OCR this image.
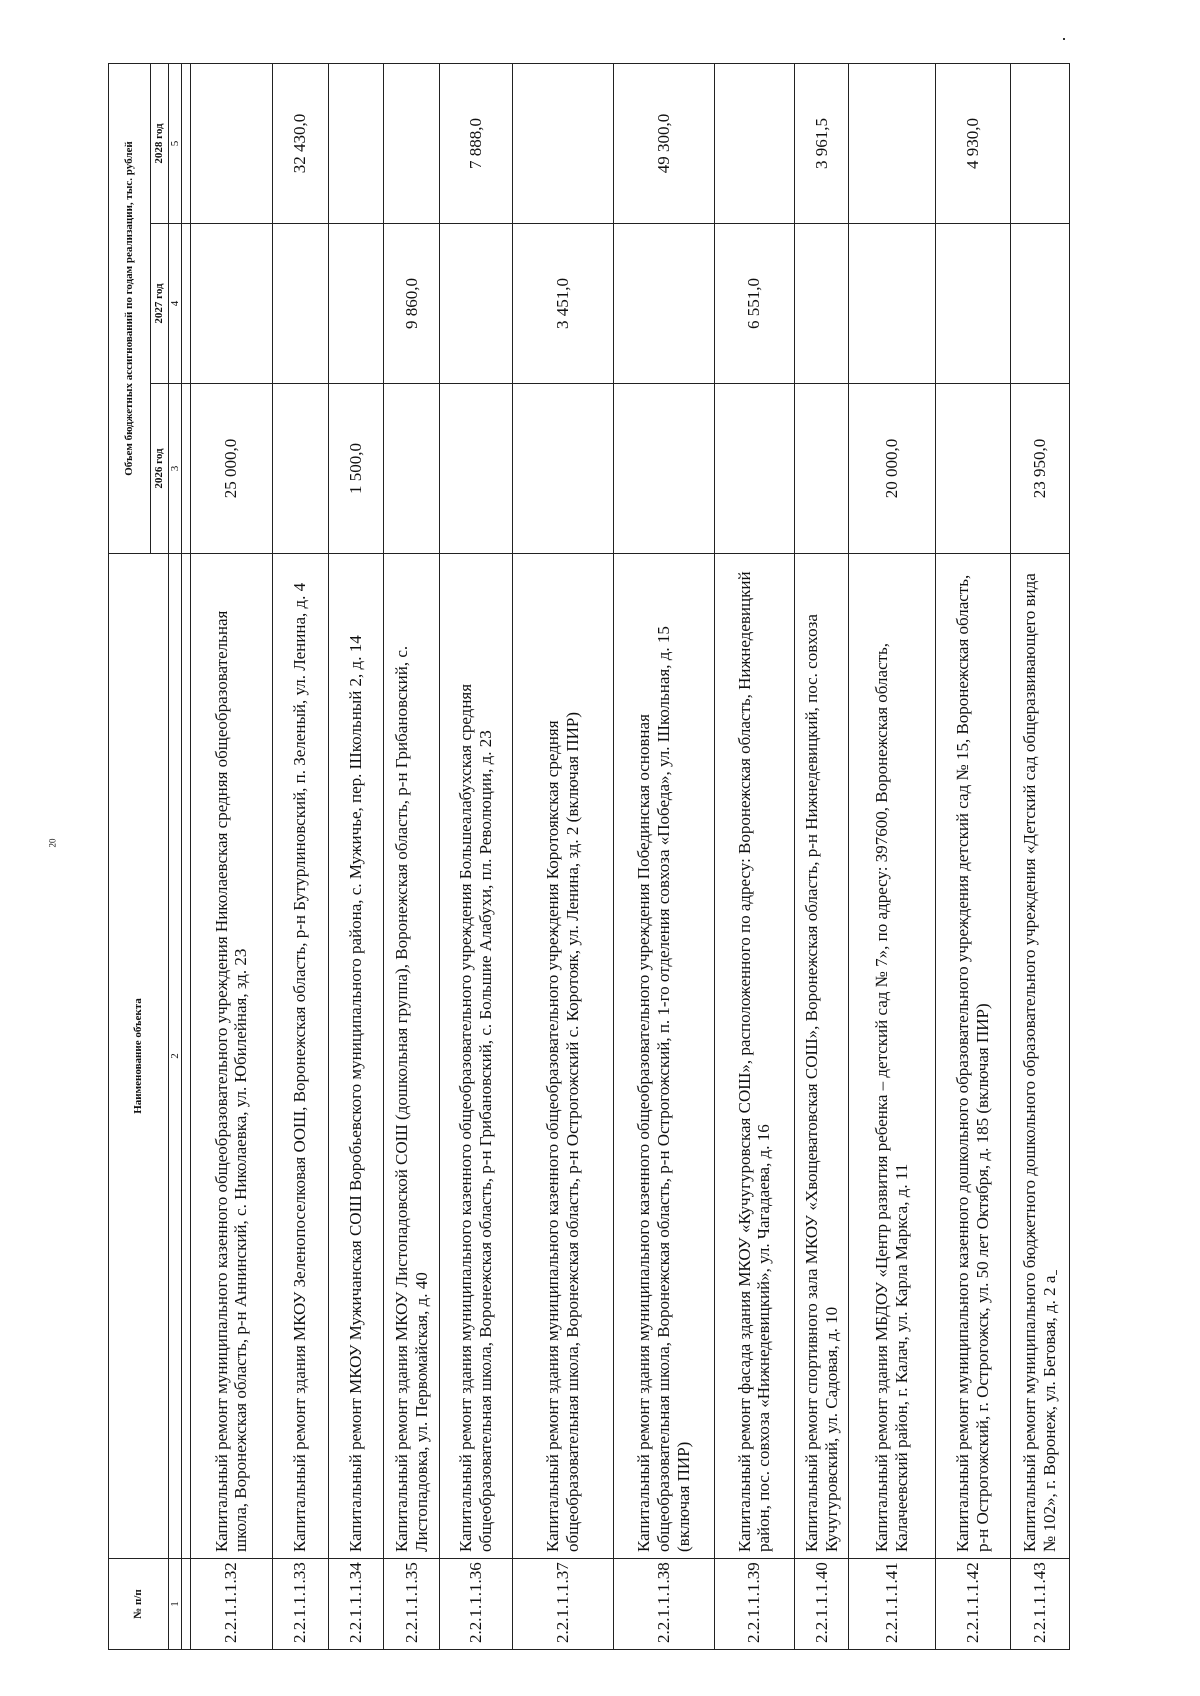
20
№ п/п	Наименование объекта	Объем бюджетных ассигнований по годам реализации, тыс. рублей		
		2026 год	2027 год	2028 год
1	2	3	4	5

2.2.1.1.1.32	Капитальный ремонт муниципального казенного общеобразовательного учреждения Николаевская средняя общеобразовательная школа, Воронежская область, р-н Аннинский, с. Николаевка, ул. Юбилейная, зд. 23	25 000,0		
2.2.1.1.1.33	Капитальный ремонт здания МКОУ Зеленопоселковая ООШ, Воронежская область, р-н Бутурлиновский, п. Зеленый, ул. Ленина, д. 4			32 430,0
2.2.1.1.1.34	Капитальный ремонт МКОУ Мужичанская СОШ Воробьевского муниципального района, с. Мужичье, пер. Школьный 2, д. 14	1 500,0		
2.2.1.1.1.35	Капитальный ремонт здания МКОУ Листопадовской СОШ (дошкольная группа), Воронежская область, р-н Грибановский, с. Листопадовка, ул. Первомайская, д. 40		9 860,0	
2.2.1.1.1.36	Капитальный ремонт здания муниципального казенного общеобразовательного учреждения Большеалабухская средняя общеобразовательная школа, Воронежская область, р-н Грибановский, с. Большие Алабухи, пл. Революции, д. 23			7 888,0
2.2.1.1.1.37	Капитальный ремонт здания муниципального казенного общеобразовательного учреждения Коротоякская средняя общеобразовательная школа, Воронежская область, р-н Острогожский с. Коротояк, ул. Ленина, зд. 2 (включая ПИР)		3 451,0	
2.2.1.1.1.38	Капитальный ремонт здания муниципального казенного общеобразовательного учреждения Побединская основная общеобразовательная школа, Воронежская область, р-н Острогожский, п. 1-го отделения совхоза «Победа», ул. Школьная, д. 15 (включая ПИР)			49 300,0
2.2.1.1.1.39	Капитальный ремонт фасада здания МКОУ «Кучугуровская СОШ», расположенного по адресу: Воронежская область, Нижнедевицкий район, пос. совхоза «Нижнедевицкий», ул. Чагадаева, д. 16		6 551,0	
2.2.1.1.1.40	Капитальный ремонт спортивного зала МКОУ «Хвощеватовская СОШ», Воронежская область, р-н Нижнедевицкий, пос. совхоза Кучугуровский, ул. Садовая, д. 10			3 961,5
2.2.1.1.1.41	Капитальный ремонт здания МБДОУ «Центр развития ребенка – детский сад № 7», по адресу: 397600, Воронежская область, Калачеевский район, г. Калач, ул. Карла Маркса, д. 11	20 000,0		
2.2.1.1.1.42	Капитальный ремонт муниципального казенного дошкольного образовательного учреждения детский сад № 15, Воронежская область, р-н Острогожский, г. Острогожск, ул. 50 лет Октября, д. 185 (включая ПИР)			4 930,0
2.2.1.1.1.43	Капитальный ремонт муниципального бюджетного дошкольного образовательного учреждения «Детский сад общеразвивающего вида № 102», г. Воронеж, ул. Беговая, д. 2 а	23 950,0		
